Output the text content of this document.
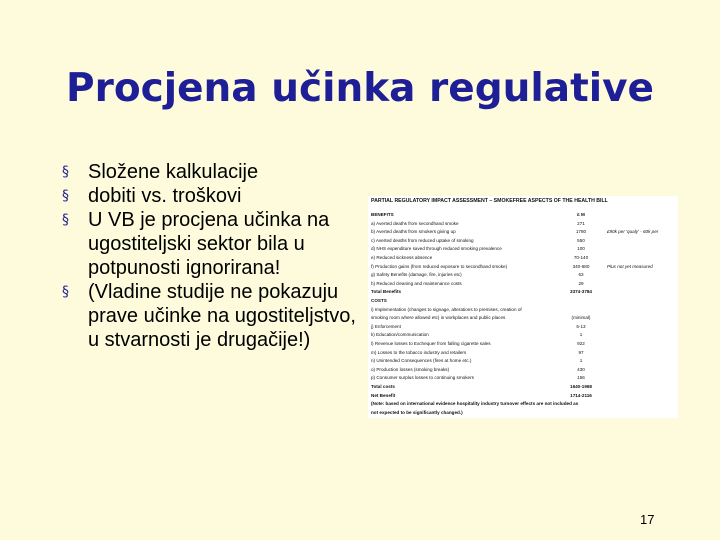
Procjena učinka regulative
§ Složene kalkulacije
§ dobiti vs. troškovi
§ U VB je procjena učinka na ugostiteljski sektor bila u potpunosti ignorirana!
§ (Vladine studije ne pokazuju prave učinke na ugostiteljstvo, u stvarnosti je drugačije!)
PARTIAL REGULATORY IMPACT ASSESSMENT – SMOKEFREE ASPECTS OF THE HEALTH BILL
BENEFITS	£ M
a) Averted deaths from secondhand smoke	271
b) Averted deaths from smokers giving up	1780	£90k per 'qualy' - 60k per
c) Averted deaths from reduced uptake of smoking	550
d) NHS expenditure saved through reduced smoking prevalence	100
e) Reduced sickness absence	70-140
f) Production gains (from reduced exposure to secondhand smoke)	340-680	Plus not yet measured
g) Safety Benefits (damage, fire, injuries etc)	63
h) Reduced cleaning and maintenance costs	29
Total Benefits	3374-3784
COSTS
i) Implementation (changes to signage, alterations to premises, creation of
smoking room where allowed etc) in workplaces and public places	(minimal)
j) Enforcement	5-13
k) Education/communication	1
l) Revenue losses to Exchequer from falling cigarette sales	922
m) Losses to the tobacco industry and retailers	97
n) Unintended Consequences (fires at home etc.)	1
o) Production losses (smoking breaks)	430
p) Consumer surplus losses to continuing smokers	156
Total costs	1640-1968
Net Benefit	1714-2116
(Note: based on international evidence hospitality industry turnover effects are not included as
not expected to be significantly changed.)
17
